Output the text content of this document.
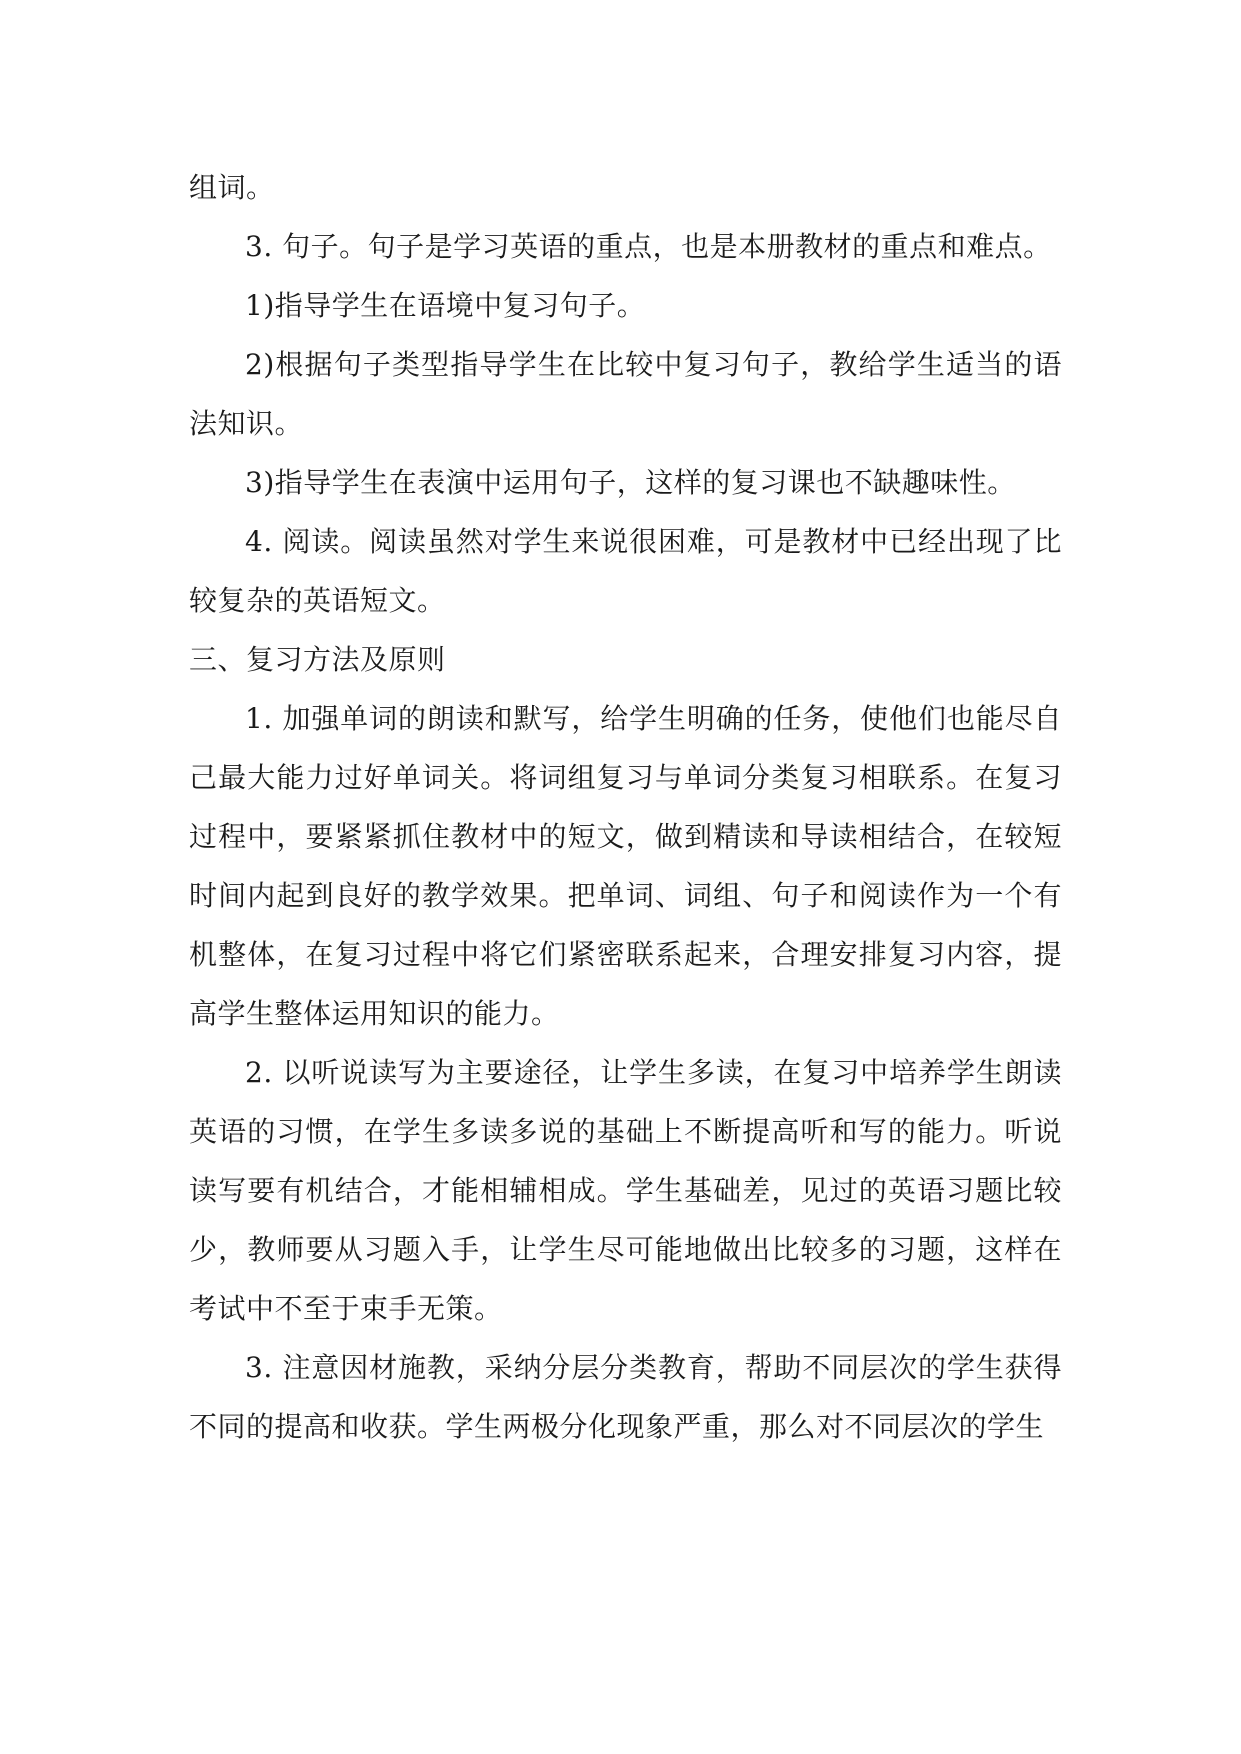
组词。

3. 句子。句子是学习英语的重点，也是本册教材的重点和难点。

1)指导学生在语境中复习句子。

2)根据句子类型指导学生在比较中复习句子，教给学生适当的语法知识。

3)指导学生在表演中运用句子，这样的复习课也不缺趣味性。

4. 阅读。阅读虽然对学生来说很困难，可是教材中已经出现了比较复杂的英语短文。

三、复习方法及原则

1. 加强单词的朗读和默写，给学生明确的任务，使他们也能尽自己最大能力过好单词关。将词组复习与单词分类复习相联系。在复习过程中，要紧紧抓住教材中的短文，做到精读和导读相结合，在较短时间内起到良好的教学效果。把单词、词组、句子和阅读作为一个有机整体，在复习过程中将它们紧密联系起来，合理安排复习内容，提高学生整体运用知识的能力。

2. 以听说读写为主要途径，让学生多读，在复习中培养学生朗读英语的习惯，在学生多读多说的基础上不断提高听和写的能力。听说读写要有机结合，才能相辅相成。学生基础差，见过的英语习题比较少，教师要从习题入手，让学生尽可能地做出比较多的习题，这样在考试中不至于束手无策。

3. 注意因材施教，采纳分层分类教育，帮助不同层次的学生获得不同的提高和收获。学生两极分化现象严重，那么对不同层次的学生
